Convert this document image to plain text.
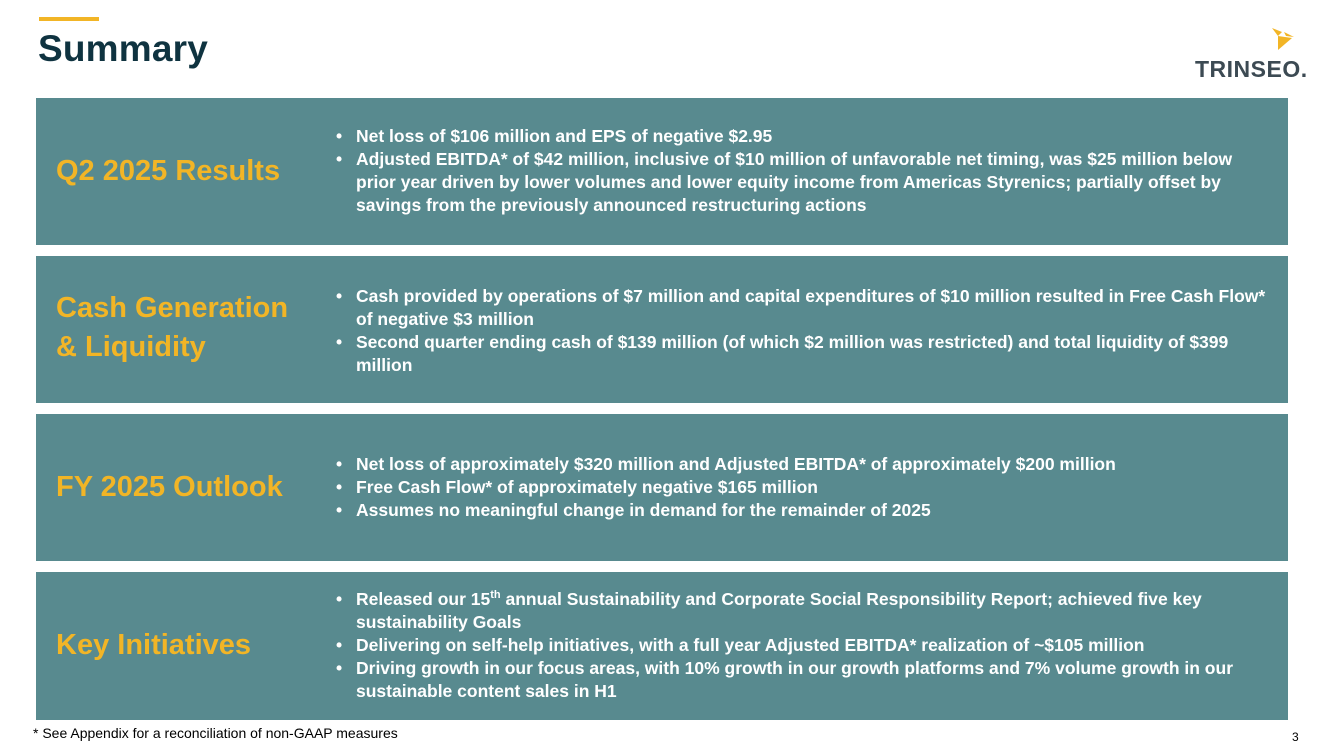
Summary	TRINSEO.
Q2 2025 Results
• Net loss of $106 million and EPS of negative $2.95
• Adjusted EBITDA* of $42 million, inclusive of $10 million of unfavorable net timing, was $25 million below prior year driven by lower volumes and lower equity income from Americas Styrenics; partially offset by savings from the previously announced restructuring actions
Cash Generation
& Liquidity
• Cash provided by operations of $7 million and capital expenditures of $10 million resulted in Free Cash Flow* of negative $3 million
• Second quarter ending cash of $139 million (of which $2 million was restricted) and total liquidity of $399 million
FY 2025 Outlook
• Net loss of approximately $320 million and Adjusted EBITDA* of approximately $200 million
• Free Cash Flow* of approximately negative $165 million
• Assumes no meaningful change in demand for the remainder of 2025
Key Initiatives
• Released our 15th annual Sustainability and Corporate Social Responsibility Report; achieved five key sustainability Goals
• Delivering on self-help initiatives, with a full year Adjusted EBITDA* realization of ~$105 million
• Driving growth in our focus areas, with 10% growth in our growth platforms and 7% volume growth in our sustainable content sales in H1
* See Appendix for a reconciliation of non-GAAP measures	3
